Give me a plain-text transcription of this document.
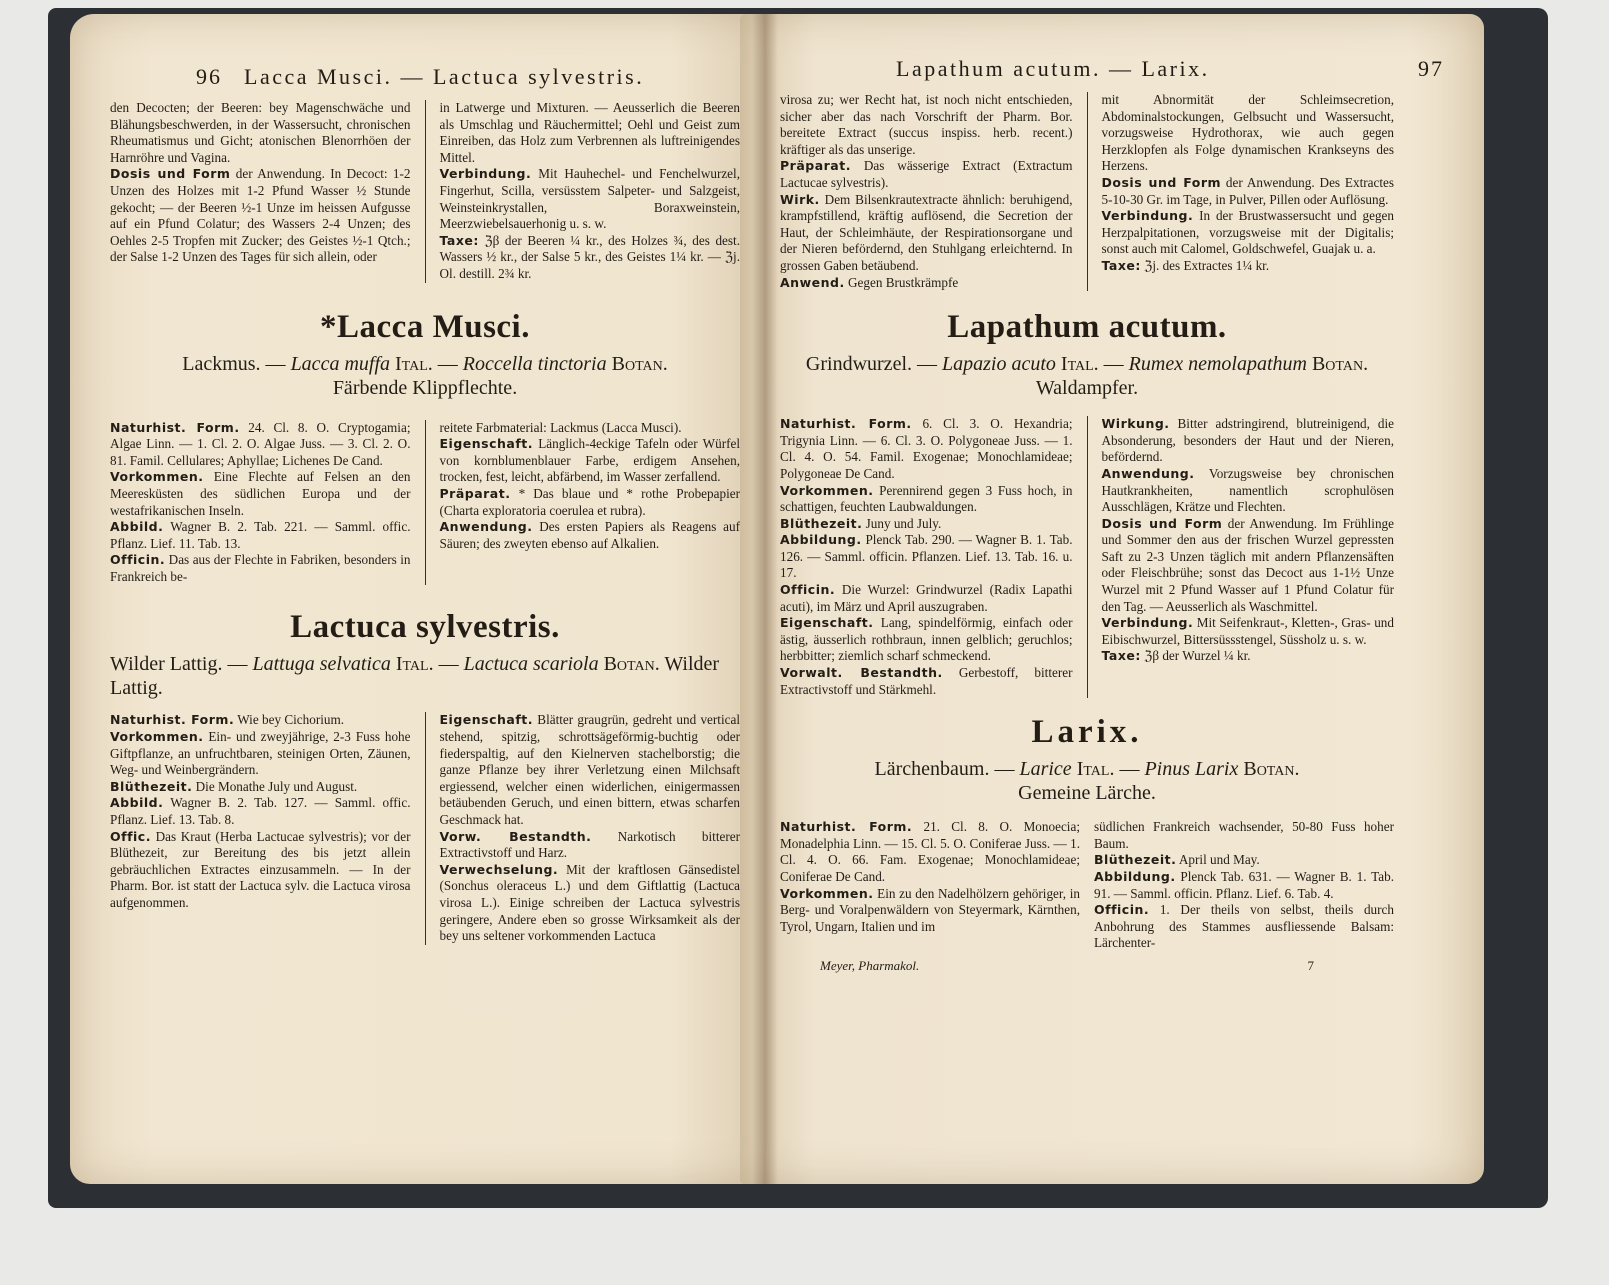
96 Lacca Musci. — Lactuca sylvestris.

den Decocten; der Beeren: bey Magenschwäche und Blähungsbeschwerden, in der Wassersucht, chronischen Rheumatismus und Gicht; atonischen Blenorrhöen der Harnröhre und Vagina.

Dosis und Form der Anwendung. In Decoct: 1-2 Unzen des Holzes mit 1-2 Pfund Wasser ½ Stunde gekocht; — der Beeren ½-1 Unze im heissen Aufgusse auf ein Pfund Colatur; des Wassers 2-4 Unzen; des Oehles 2-5 Tropfen mit Zucker; des Geistes ½-1 Qtch.; der Salse 1-2 Unzen des Tages für sich allein, oder

in Latwerge und Mixturen. — Aeusserlich die Beeren als Umschlag und Räuchermittel; Oehl und Geist zum Einreiben, das Holz zum Verbrennen als luftreinigendes Mittel.

Verbindung. Mit Hauhechel- und Fenchelwurzel, Fingerhut, Scilla, versüsstem Salpeter- und Salzgeist, Weinsteinkrystallen, Boraxweinstein, Meerzwiebelsauerhonig u. s. w.

Taxe: ℨβ der Beeren ¼ kr., des Holzes ¾, des dest. Wassers ½ kr., der Salse 5 kr., des Geistes 1¼ kr. — ℨj. Ol. destill. 2¾ kr.

*Lacca Musci.

Lackmus. — Lacca muffa Ital. — Roccella tinctoria Botan.
Färbende Klippflechte.

Naturhist. Form. 24. Cl. 8. O. Cryptogamia; Algae Linn. — 1. Cl. 2. O. Algae Juss. — 3. Cl. 2. O. 81. Famil. Cellulares; Aphyllae; Lichenes De Cand.

Vorkommen. Eine Flechte auf Felsen an den Meeresküsten des südlichen Europa und der westafrikanischen Inseln.

Abbild. Wagner B. 2. Tab. 221. — Samml. offic. Pflanz. Lief. 11. Tab. 13.

Officin. Das aus der Flechte in Fabriken, besonders in Frankreich be-

reitete Farbmaterial: Lackmus (Lacca Musci).

Eigenschaft. Länglich-4eckige Tafeln oder Würfel von kornblumenblauer Farbe, erdigem Ansehen, trocken, fest, leicht, abfärbend, im Wasser zerfallend.

Präparat. * Das blaue und * rothe Probepapier (Charta exploratoria coerulea et rubra).

Anwendung. Des ersten Papiers als Reagens auf Säuren; des zweyten ebenso auf Alkalien.

Lactuca sylvestris.

Wilder Lattig. — Lattuga selvatica Ital. — Lactuca scariola Botan. Wilder Lattig.

Naturhist. Form. Wie bey Cichorium.

Vorkommen. Ein- und zweyjährige, 2-3 Fuss hohe Giftpflanze, an unfruchtbaren, steinigen Orten, Zäunen, Weg- und Weinbergrändern.

Blüthezeit. Die Monathe July und August.

Abbild. Wagner B. 2. Tab. 127. — Samml. offic. Pflanz. Lief. 13. Tab. 8.

Offic. Das Kraut (Herba Lactucae sylvestris); vor der Blüthezeit, zur Bereitung des bis jetzt allein gebräuchlichen Extractes einzusammeln. — In der Pharm. Bor. ist statt der Lactuca sylv. die Lactuca virosa aufgenommen.

Eigenschaft. Blätter graugrün, gedreht und vertical stehend, spitzig, schrottsägeförmig-buchtig oder fiederspaltig, auf den Kielnerven stachelborstig; die ganze Pflanze bey ihrer Verletzung einen Milchsaft ergiessend, welcher einen widerlichen, einigermassen betäubenden Geruch, und einen bittern, etwas scharfen Geschmack hat.

Vorw. Bestandth. Narkotisch bitterer Extractivstoff und Harz.

Verwechselung. Mit der kraftlosen Gänsedistel (Sonchus oleraceus L.) und dem Giftlattig (Lactuca virosa L.). Einige schreiben der Lactuca sylvestris geringere, Andere eben so grosse Wirksamkeit als der bey uns seltener vorkommenden Lactuca

Lapathum acutum. — Larix.	97

virosa zu; wer Recht hat, ist noch nicht entschieden, sicher aber das nach Vorschrift der Pharm. Bor. bereitete Extract (succus inspiss. herb. recent.) kräftiger als das unserige.

Präparat. Das wässerige Extract (Extractum Lactucae sylvestris).

Wirk. Dem Bilsenkrautextracte ähnlich: beruhigend, krampfstillend, kräftig auflösend, die Secretion der Haut, der Schleimhäute, der Respirationsorgane und der Nieren befördernd, den Stuhlgang erleichternd. In grossen Gaben betäubend.

Anwend. Gegen Brustkrämpfe

mit Abnormität der Schleimsecretion, Abdominalstockungen, Gelbsucht und Wassersucht, vorzugsweise Hydrothorax, wie auch gegen Herzklopfen als Folge dynamischen Krankseyns des Herzens.

Dosis und Form der Anwendung. Des Extractes 5-10-30 Gr. im Tage, in Pulver, Pillen oder Auflösung.

Verbindung. In der Brustwassersucht und gegen Herzpalpitationen, vorzugsweise mit der Digitalis; sonst auch mit Calomel, Goldschwefel, Guajak u. a.

Taxe: ℨj. des Extractes 1¼ kr.

Lapathum acutum.

Grindwurzel. — Lapazio acuto Ital. — Rumex nemolapathum Botan. Waldampfer.

Naturhist. Form. 6. Cl. 3. O. Hexandria; Trigynia Linn. — 6. Cl. 3. O. Polygoneae Juss. — 1. Cl. 4. O. 54. Famil. Exogenae; Monochlamideae; Polygoneae De Cand.

Vorkommen. Perennirend gegen 3 Fuss hoch, in schattigen, feuchten Laubwaldungen.

Blüthezeit. Juny und July.

Abbildung. Plenck Tab. 290. — Wagner B. 1. Tab. 126. — Samml. officin. Pflanzen. Lief. 13. Tab. 16. u. 17.

Officin. Die Wurzel: Grindwurzel (Radix Lapathi acuti), im März und April auszugraben.

Eigenschaft. Lang, spindelförmig, einfach oder ästig, äusserlich rothbraun, innen gelblich; geruchlos; herbbitter; ziemlich scharf schmeckend.

Vorwalt. Bestandth. Gerbestoff, bitterer Extractivstoff und Stärkmehl.

Wirkung. Bitter adstringirend, blutreinigend, die Absonderung, besonders der Haut und der Nieren, befördernd.

Anwendung. Vorzugsweise bey chronischen Hautkrankheiten, namentlich scrophulösen Ausschlägen, Krätze und Flechten.

Dosis und Form der Anwendung. Im Frühlinge und Sommer den aus der frischen Wurzel gepressten Saft zu 2-3 Unzen täglich mit andern Pflanzensäften oder Fleischbrühe; sonst das Decoct aus 1-1½ Unze Wurzel mit 2 Pfund Wasser auf 1 Pfund Colatur für den Tag. — Aeusserlich als Waschmittel.

Verbindung. Mit Seifenkraut-, Kletten-, Gras- und Eibischwurzel, Bittersüssstengel, Süssholz u. s. w.

Taxe: ℨβ der Wurzel ¼ kr.

Larix.

Lärchenbaum. — Larice Ital. — Pinus Larix Botan.
Gemeine Lärche.

Naturhist. Form. 21. Cl. 8. O. Monoecia; Monadelphia Linn. — 15. Cl. 5. O. Coniferae Juss. — 1. Cl. 4. O. 66. Fam. Exogenae; Monochlamideae; Coniferae De Cand.

Vorkommen. Ein zu den Nadelhölzern gehöriger, in Berg- und Voralpenwäldern von Steyermark, Kärnthen, Tyrol, Ungarn, Italien und im

südlichen Frankreich wachsender, 50-80 Fuss hoher Baum.

Blüthezeit. April und May.

Abbildung. Plenck Tab. 631. — Wagner B. 1. Tab. 91. — Samml. officin. Pflanz. Lief. 6. Tab. 4.

Officin. 1. Der theils von selbst, theils durch Anbohrung des Stammes ausfliessende Balsam: Lärchenter-

Meyer, Pharmakol.	7
